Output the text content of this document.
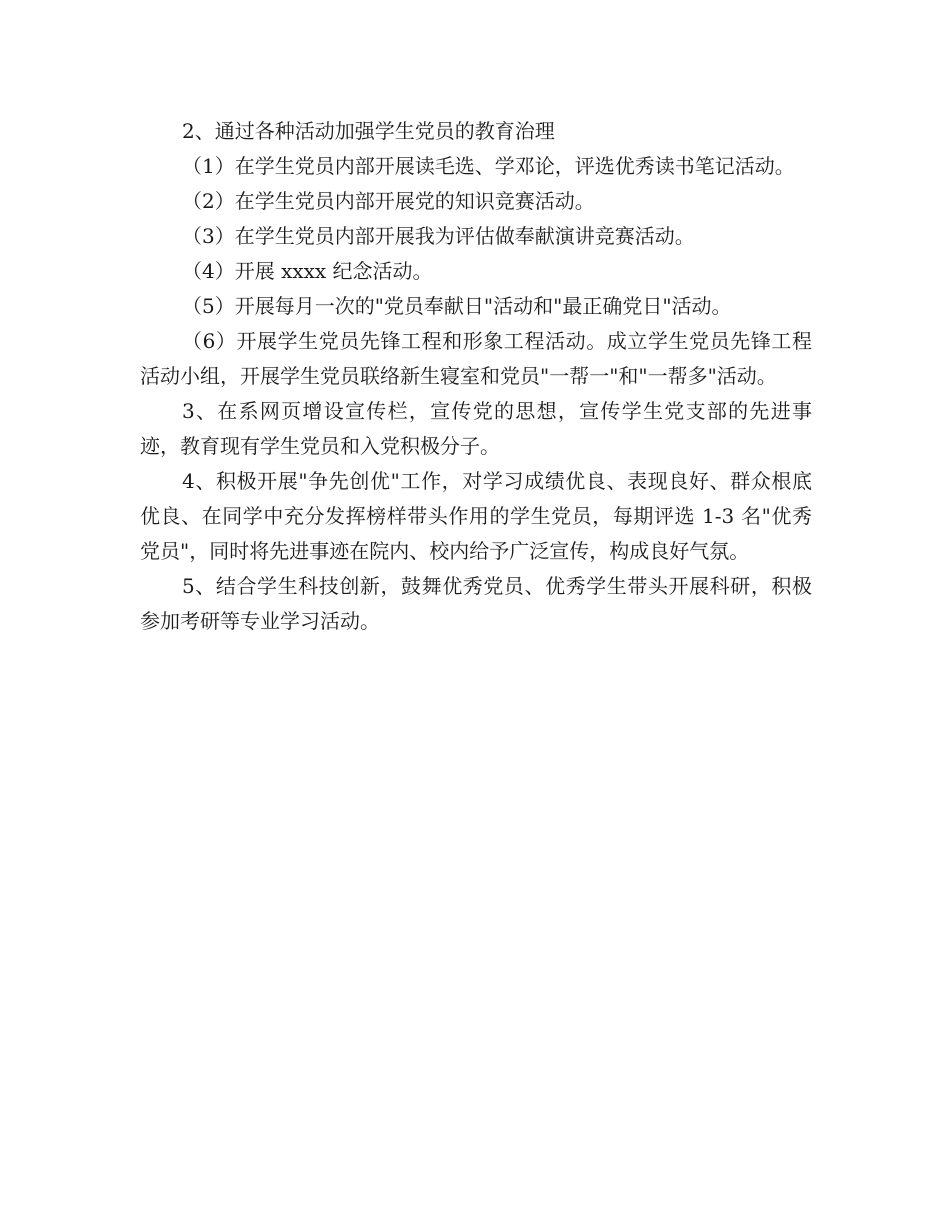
2、通过各种活动加强学生党员的教育治理

（1）在学生党员内部开展读毛选、学邓论，评选优秀读书笔记活动。

（2）在学生党员内部开展党的知识竞赛活动。

（3）在学生党员内部开展我为评估做奉献演讲竞赛活动。

（4）开展 xxxx 纪念活动。

（5）开展每月一次的"党员奉献日"活动和"最正确党日"活动。

（6）开展学生党员先锋工程和形象工程活动。成立学生党员先锋工程活动小组，开展学生党员联络新生寝室和党员"一帮一"和"一帮多"活动。

3、在系网页增设宣传栏，宣传党的思想，宣传学生党支部的先进事迹，教育现有学生党员和入党积极分子。

4、积极开展"争先创优"工作，对学习成绩优良、表现良好、群众根底优良、在同学中充分发挥榜样带头作用的学生党员，每期评选 1-3 名"优秀党员"，同时将先进事迹在院内、校内给予广泛宣传，构成良好气氛。

5、结合学生科技创新，鼓舞优秀党员、优秀学生带头开展科研，积极参加考研等专业学习活动。
